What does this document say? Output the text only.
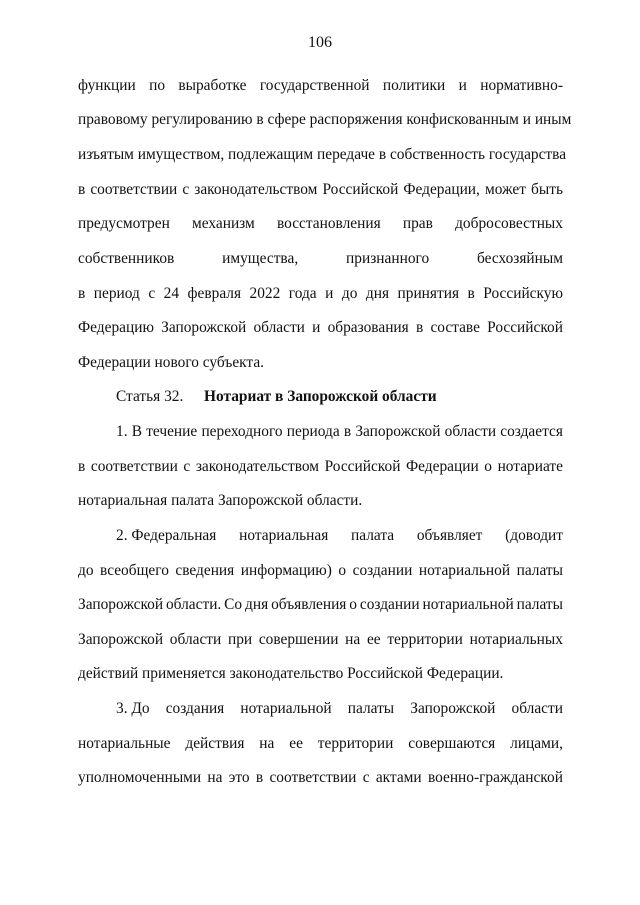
106
функции по выработке государственной политики и нормативно-
правовому регулированию в сфере распоряжения конфискованным и иным
изъятым имуществом, подлежащим передаче в собственность государства
в соответствии с законодательством Российской Федерации, может быть
предусмотрен механизм восстановления прав добросовестных
собственников	имущества,	признанного	бесхозяйным
в период с 24 февраля 2022 года и до дня принятия в Российскую
Федерацию Запорожской области и образования в составе Российской
Федерации нового субъекта.
Статья 32. Нотариат в Запорожской области
1. В течение переходного периода в Запорожской области создается
в соответствии с законодательством Российской Федерации о нотариате
нотариальная палата Запорожской области.
2. Федеральная нотариальная палата объявляет (доводит
до всеобщего сведения информацию) о создании нотариальной палаты
Запорожской области. Со дня объявления о создании нотариальной палаты
Запорожской области при совершении на ее территории нотариальных
действий применяется законодательство Российской Федерации.
3. До создания нотариальной палаты Запорожской области
нотариальные действия на ее территории совершаются лицами,
уполномоченными на это в соответствии с актами военно-гражданской
